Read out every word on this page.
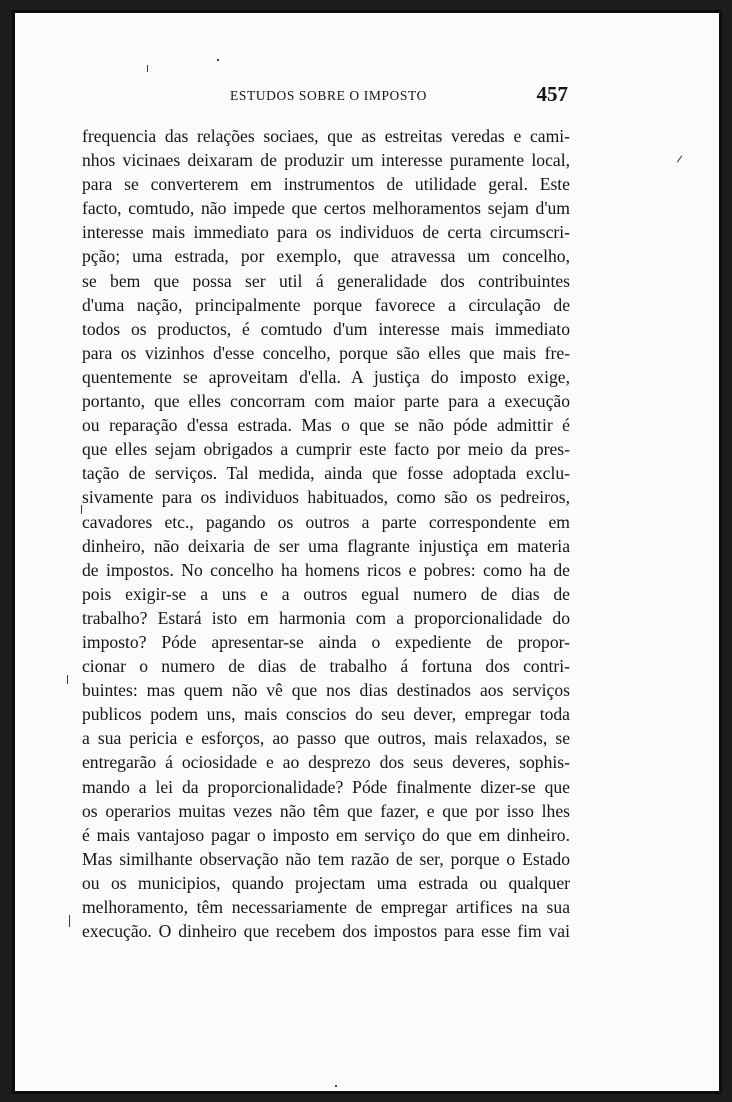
ESTUDOS SOBRE O IMPOSTO	457
frequencia das relações sociaes, que as estreitas veredas e cami-
nhos vicinaes deixaram de produzir um interesse puramente local,
para se converterem em instrumentos de utilidade geral. Este
facto, comtudo, não impede que certos melhoramentos sejam d'um
interesse mais immediato para os individuos de certa circumscri-
pção; uma estrada, por exemplo, que atravessa um concelho,
se bem que possa ser util á generalidade dos contribuintes
d'uma nação, principalmente porque favorece a circulação de
todos os productos, é comtudo d'um interesse mais immediato
para os vizinhos d'esse concelho, porque são elles que mais fre-
quentemente se aproveitam d'ella. A justiça do imposto exige,
portanto, que elles concorram com maior parte para a execução
ou reparação d'essa estrada. Mas o que se não póde admittir é
que elles sejam obrigados a cumprir este facto por meio da pres-
tação de serviços. Tal medida, ainda que fosse adoptada exclu-
sivamente para os individuos habituados, como são os pedreiros,
cavadores etc., pagando os outros a parte correspondente em
dinheiro, não deixaria de ser uma flagrante injustiça em materia
de impostos. No concelho ha homens ricos e pobres: como ha de
pois exigir-se a uns e a outros egual numero de dias de
trabalho? Estará isto em harmonia com a proporcionalidade do
imposto? Póde apresentar-se ainda o expediente de propor-
cionar o numero de dias de trabalho á fortuna dos contri-
buintes: mas quem não vê que nos dias destinados aos serviços
publicos podem uns, mais conscios do seu dever, empregar toda
a sua pericia e esforços, ao passo que outros, mais relaxados, se
entregarão á ociosidade e ao desprezo dos seus deveres, sophis-
mando a lei da proporcionalidade? Póde finalmente dizer-se que
os operarios muitas vezes não têm que fazer, e que por isso lhes
é mais vantajoso pagar o imposto em serviço do que em dinheiro.
Mas similhante observação não tem razão de ser, porque o Estado
ou os municipios, quando projectam uma estrada ou qualquer
melhoramento, têm necessariamente de empregar artifices na sua
execução. O dinheiro que recebem dos impostos para esse fim vai
